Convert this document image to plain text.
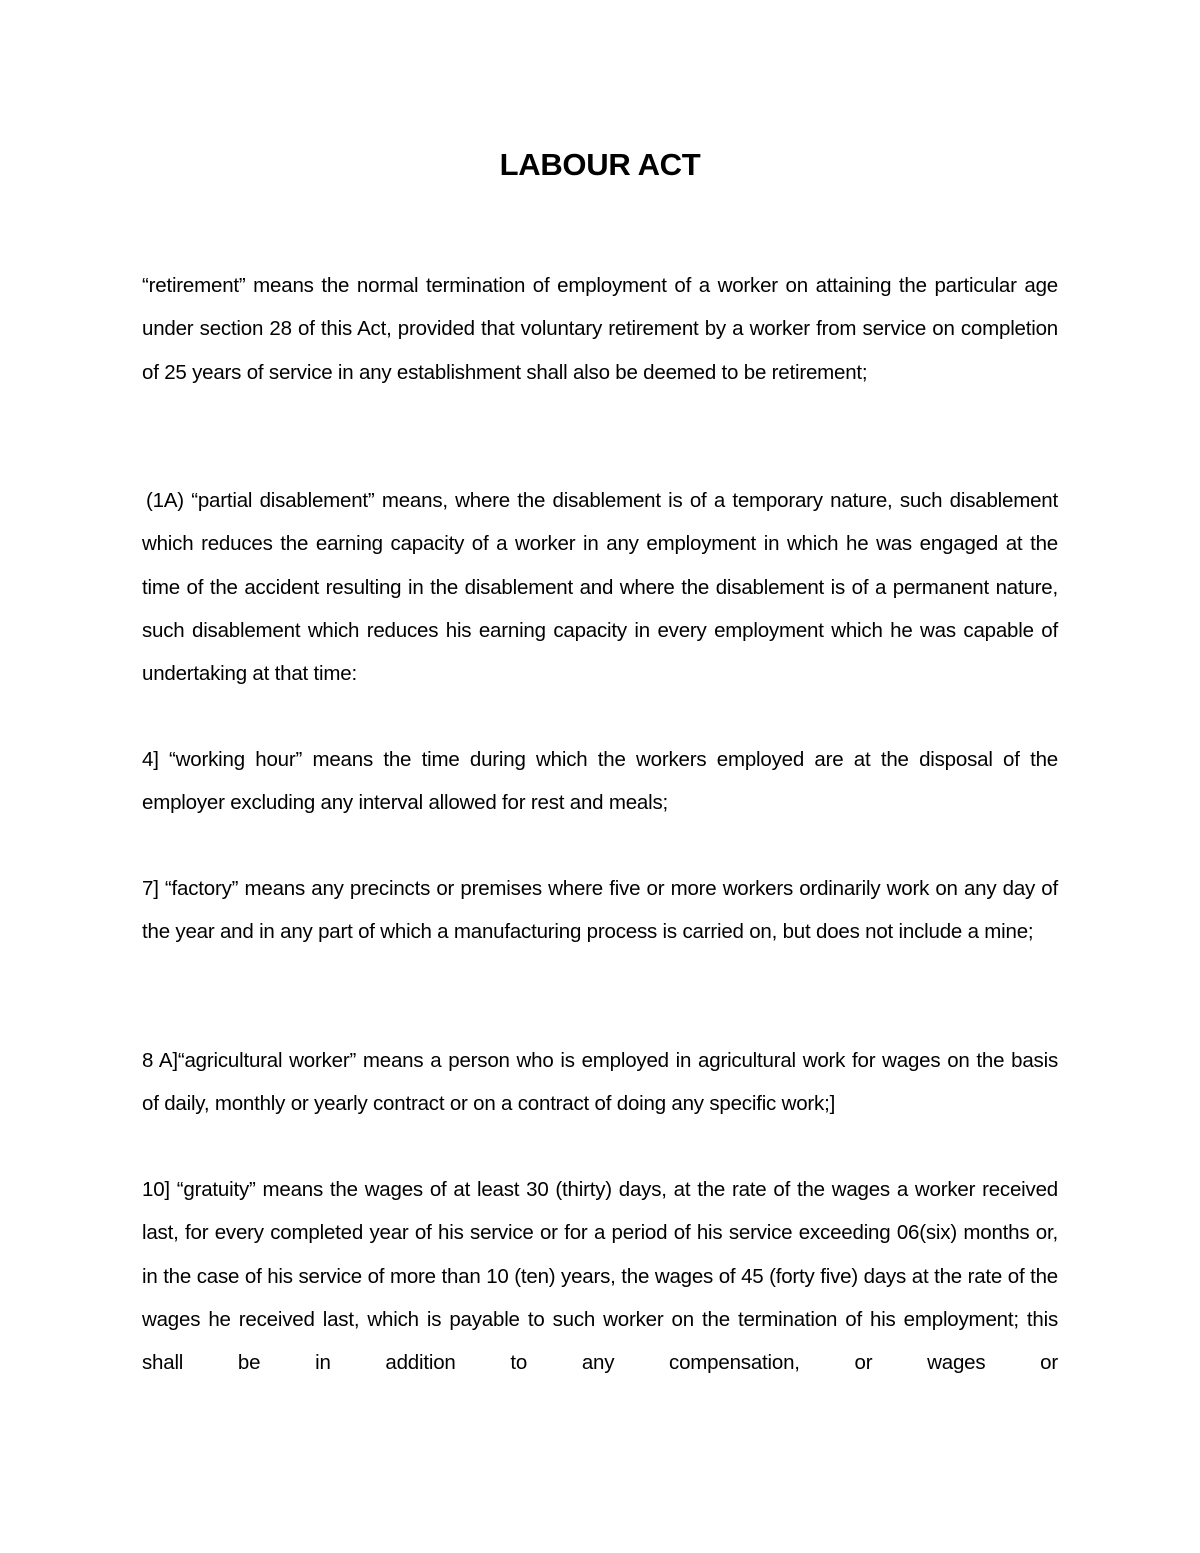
LABOUR ACT

“retirement” means the normal termination of employment of a worker on attaining the particular age under section 28 of this Act, provided that voluntary retirement by a worker from service on completion of 25 years of service in any establishment shall also be deemed to be retirement;

(1A) “partial disablement” means, where the disablement is of a temporary nature, such disablement which reduces the earning capacity of a worker in any employment in which he was engaged at the time of the accident resulting in the disablement and where the disablement is of a permanent nature, such disablement which reduces his earning capacity in every employment which he was capable of undertaking at that time:

4] “working hour” means the time during which the workers employed are at the disposal of the employer excluding any interval allowed for rest and meals;

7] “factory” means any precincts or premises where five or more workers ordinarily work on any day of the year and in any part of which a manufacturing process is carried on, but does not include a mine;

8 A]“agricultural worker” means a person who is employed in agricultural work for wages on the basis of daily, monthly or yearly contract or on a contract of doing any specific work;]

10] “gratuity” means the wages of at least 30 (thirty) days, at the rate of the wages a worker received last, for every completed year of his service or for a period of his service exceeding 06(six) months or, in the case of his service of more than 10 (ten) years, the wages of 45 (forty five) days at the rate of the wages he received last, which is payable to such worker on the termination of his employment; this shall be in addition to any compensation, or wages or
